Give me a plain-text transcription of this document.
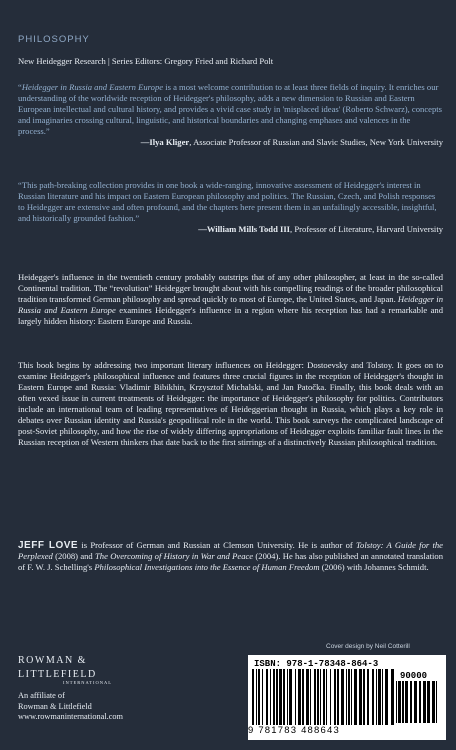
PHILOSOPHY
New Heidegger Research | Series Editors: Gregory Fried and Richard Polt

“Heidegger in Russia and Eastern Europe is a most welcome contribution to at least three fields of inquiry. It enriches our understanding of the worldwide reception of Heidegger's philosophy, adds a new dimension to Russian and Eastern European intellectual and cultural history, and provides a vivid case study in 'misplaced ideas' (Roberto Schwarz), concepts and imaginaries crossing cultural, linguistic, and historical boundaries and changing emphases and valences in the process.”

—Ilya Kliger, Associate Professor of Russian and Slavic Studies, New York University

“This path-breaking collection provides in one book a wide-ranging, innovative assessment of Heidegger's interest in Russian literature and his impact on Eastern European philosophy and politics. The Russian, Czech, and Polish responses to Heidegger are extensive and often profound, and the chapters here present them in an unfailingly accessible, insightful, and historically grounded fashion.”

—William Mills Todd III, Professor of Literature, Harvard University

Heidegger's influence in the twentieth century probably outstrips that of any other philosopher, at least in the so-called Continental tradition. The “revolution” Heidegger brought about with his compelling readings of the broader philosophical tradition transformed German philosophy and spread quickly to most of Europe, the United States, and Japan. Heidegger in Russia and Eastern Europe examines Heidegger's influence in a region where his reception has had a remarkable and largely hidden history: Eastern Europe and Russia.

This book begins by addressing two important literary influences on Heidegger: Dostoevsky and Tolstoy. It goes on to examine Heidegger's philosophical influence and features three crucial figures in the reception of Heidegger's thought in Eastern Europe and Russia: Vladimir Bibikhin, Krzysztof Michalski, and Jan Patočka. Finally, this book deals with an often vexed issue in current treatments of Heidegger: the importance of Heidegger's philosophy for politics. Contributors include an international team of leading representatives of Heideggerian thought in Russia, which plays a key role in debates over Russian identity and Russia's geopolitical role in the world. This book surveys the complicated landscape of post-Soviet philosophy, and how the rise of widely differing appropriations of Heidegger exploits familiar fault lines in the Russian reception of Western thinkers that date back to the first stirrings of a distinctively Russian philosophical tradition.

JEFF LOVE is Professor of German and Russian at Clemson University. He is author of Tolstoy: A Guide for the Perplexed (2008) and The Overcoming of History in War and Peace (2004). He has also published an annotated translation of F. W. J. Schelling's Philosophical Investigations into the Essence of Human Freedom (2006) with Johannes Schmidt.

Cover design by Neil Cotterill
ROWMAN &
LITTLEFIELD
INTERNATIONAL
An affiliate of
Rowman & Littlefield
www.rowmaninternational.com
ISBN: 978-1-78348-864-3
90000
9 781783 488643
